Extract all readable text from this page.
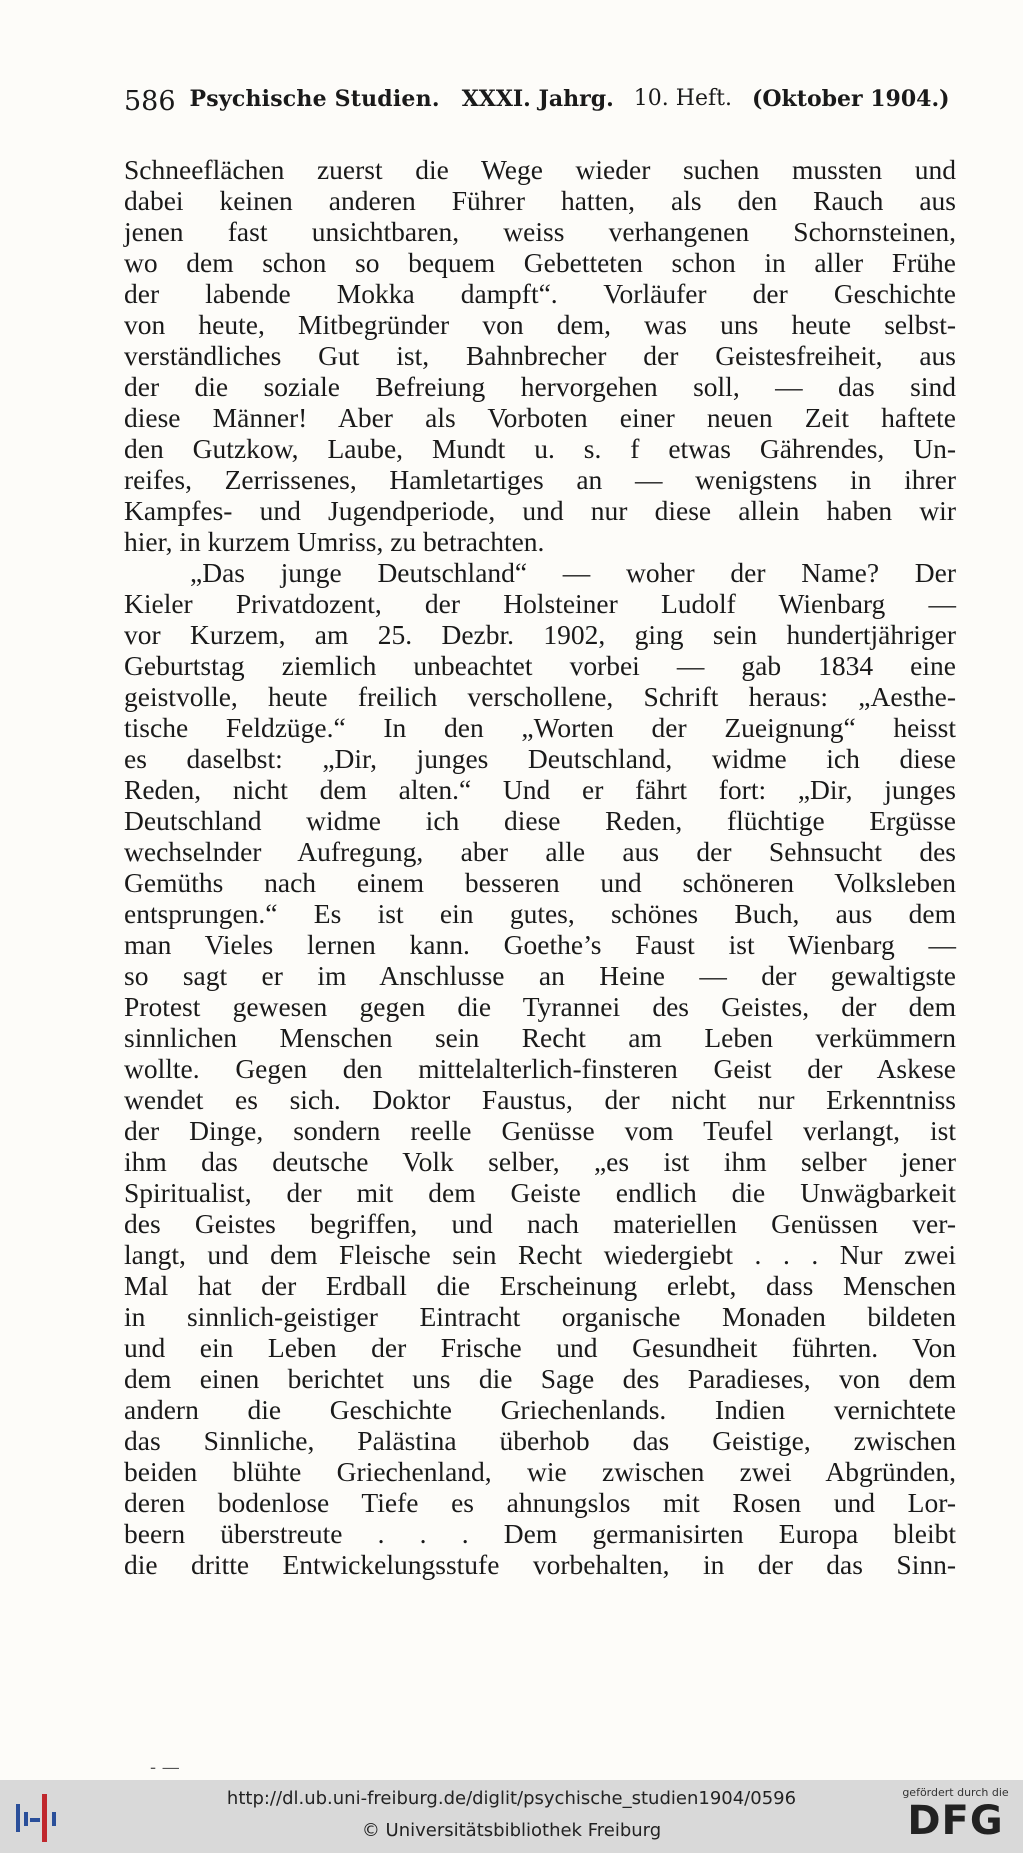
586 Psychische Studien. XXXI. Jahrg. 10. Heft. (Oktober 1904.)
Schneeflächen zuerst die Wege wieder suchen mussten und
dabei keinen anderen Führer hatten, als den Rauch aus
jenen fast unsichtbaren, weiss verhangenen Schornsteinen,
wo dem schon so bequem Gebetteten schon in aller Frühe
der labende Mokka dampft“. Vorläufer der Geschichte
von heute, Mitbegründer von dem, was uns heute selbst-
verständliches Gut ist, Bahnbrecher der Geistesfreiheit, aus
der die soziale Befreiung hervorgehen soll, — das sind
diese Männer! Aber als Vorboten einer neuen Zeit haftete
den Gutzkow, Laube, Mundt u. s. f etwas Gährendes, Un-
reifes, Zerrissenes, Hamletartiges an — wenigstens in ihrer
Kampfes- und Jugendperiode, und nur diese allein haben wir
hier, in kurzem Umriss, zu betrachten.
„Das junge Deutschland“ — woher der Name? Der
Kieler Privatdozent, der Holsteiner Ludolf Wienbarg —
vor Kurzem, am 25. Dezbr. 1902, ging sein hundertjähriger
Geburtstag ziemlich unbeachtet vorbei — gab 1834 eine
geistvolle, heute freilich verschollene, Schrift heraus: „Aesthe-
tische Feldzüge.“ In den „Worten der Zueignung“ heisst
es daselbst: „Dir, junges Deutschland, widme ich diese
Reden, nicht dem alten.“ Und er fährt fort: „Dir, junges
Deutschland widme ich diese Reden, flüchtige Ergüsse
wechselnder Aufregung, aber alle aus der Sehnsucht des
Gemüths nach einem besseren und schöneren Volksleben
entsprungen.“ Es ist ein gutes, schönes Buch, aus dem
man Vieles lernen kann. Goethe’s Faust ist Wienbarg —
so sagt er im Anschlusse an Heine — der gewaltigste
Protest gewesen gegen die Tyrannei des Geistes, der dem
sinnlichen Menschen sein Recht am Leben verkümmern
wollte. Gegen den mittelalterlich-finsteren Geist der Askese
wendet es sich. Doktor Faustus, der nicht nur Erkenntniss
der Dinge, sondern reelle Genüsse vom Teufel verlangt, ist
ihm das deutsche Volk selber, „es ist ihm selber jener
Spiritualist, der mit dem Geiste endlich die Unwägbarkeit
des Geistes begriffen, und nach materiellen Genüssen ver-
langt, und dem Fleische sein Recht wiedergiebt . . . Nur zwei
Mal hat der Erdball die Erscheinung erlebt, dass Menschen
in sinnlich-geistiger Eintracht organische Monaden bildeten
und ein Leben der Frische und Gesundheit führten. Von
dem einen berichtet uns die Sage des Paradieses, von dem
andern die Geschichte Griechenlands. Indien vernichtete
das Sinnliche, Palästina überhob das Geistige, zwischen
beiden blühte Griechenland, wie zwischen zwei Abgründen,
deren bodenlose Tiefe es ahnungslos mit Rosen und Lor-
beern überstreute . . . Dem germanisirten Europa bleibt
die dritte Entwickelungsstufe vorbehalten, in der das Sinn-
- —
http://dl.ub.uni-freiburg.de/diglit/psychische_studien1904/0596
© Universitätsbibliothek Freiburg
gefördert durch die
DFG
